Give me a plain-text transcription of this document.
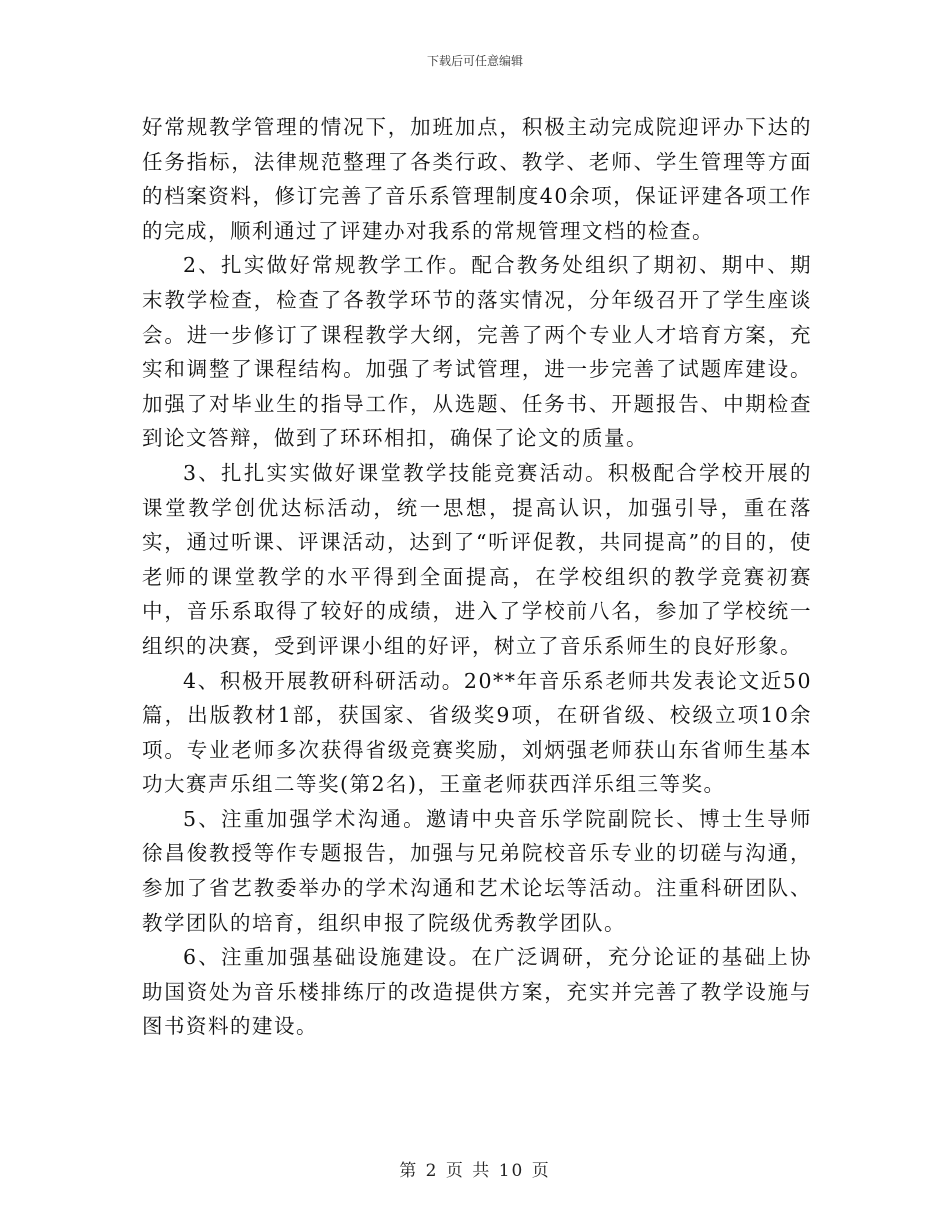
下载后可任意编辑

好常规教学管理的情况下，加班加点，积极主动完成院迎评办下达的任务指标，法律规范整理了各类行政、教学、老师、学生管理等方面的档案资料，修订完善了音乐系管理制度40余项，保证评建各项工作的完成，顺利通过了评建办对我系的常规管理文档的检查。

2、扎实做好常规教学工作。配合教务处组织了期初、期中、期末教学检查，检查了各教学环节的落实情况，分年级召开了学生座谈会。进一步修订了课程教学大纲，完善了两个专业人才培育方案，充实和调整了课程结构。加强了考试管理，进一步完善了试题库建设。加强了对毕业生的指导工作，从选题、任务书、开题报告、中期检查到论文答辩，做到了环环相扣，确保了论文的质量。

3、扎扎实实做好课堂教学技能竞赛活动。积极配合学校开展的课堂教学创优达标活动，统一思想，提高认识，加强引导，重在落实，通过听课、评课活动，达到了“听评促教，共同提高”的目的，使老师的课堂教学的水平得到全面提高，在学校组织的教学竞赛初赛中，音乐系取得了较好的成绩，进入了学校前八名，参加了学校统一组织的决赛，受到评课小组的好评，树立了音乐系师生的良好形象。

4、积极开展教研科研活动。20**年音乐系老师共发表论文近50篇，出版教材1部，获国家、省级奖9项，在研省级、校级立项10余项。专业老师多次获得省级竞赛奖励，刘炳强老师获山东省师生基本功大赛声乐组二等奖(第2名)，王童老师获西洋乐组三等奖。

5、注重加强学术沟通。邀请中央音乐学院副院长、博士生导师徐昌俊教授等作专题报告，加强与兄弟院校音乐专业的切磋与沟通，参加了省艺教委举办的学术沟通和艺术论坛等活动。注重科研团队、教学团队的培育，组织申报了院级优秀教学团队。

6、注重加强基础设施建设。在广泛调研，充分论证的基础上协助国资处为音乐楼排练厅的改造提供方案，充实并完善了教学设施与图书资料的建设。

第 2 页 共 10 页
